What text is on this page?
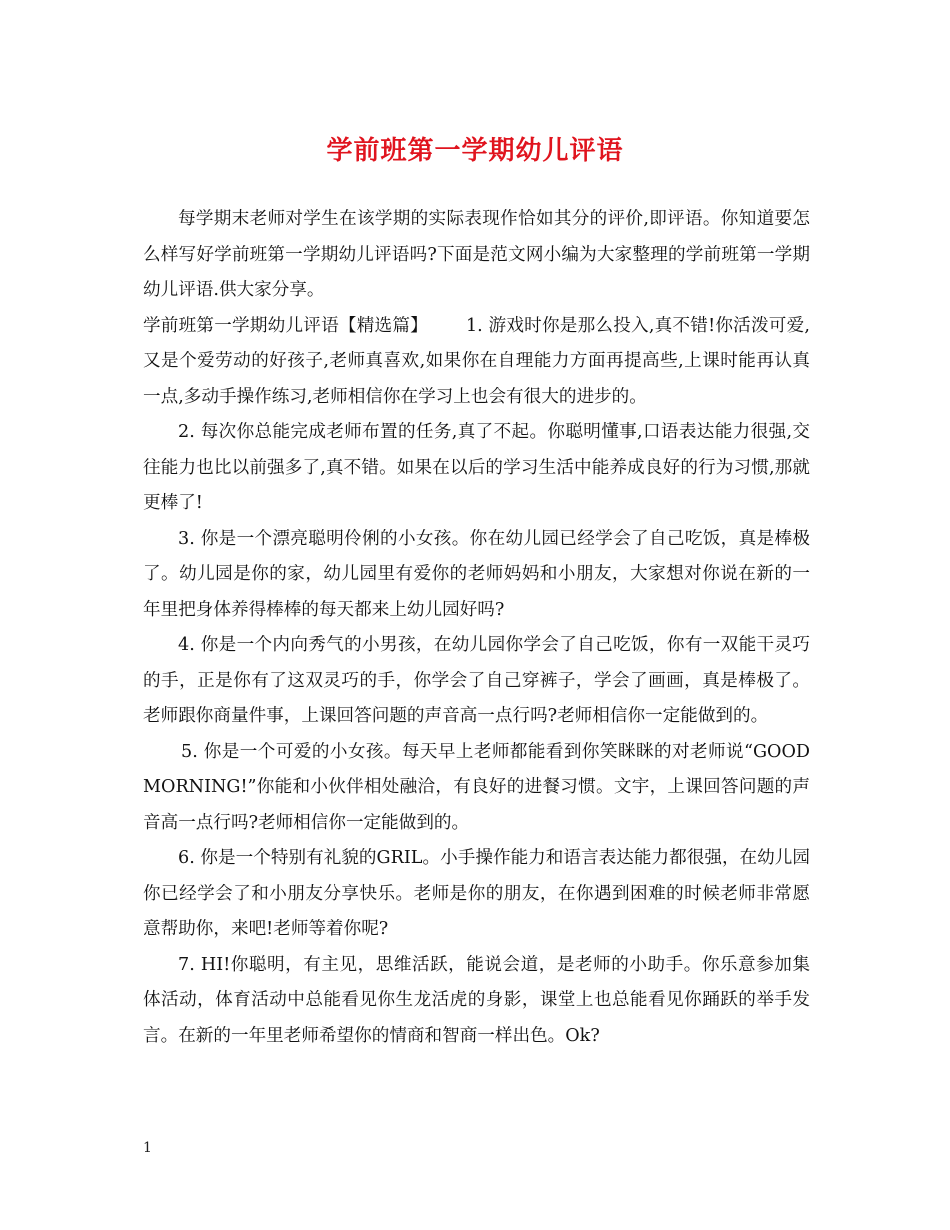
学前班第一学期幼儿评语

每学期末老师对学生在该学期的实际表现作恰如其分的评价,即评语。你知道要怎么样写好学前班第一学期幼儿评语吗?下面是范文网小编为大家整理的学前班第一学期幼儿评语.供大家分享。

学前班第一学期幼儿评语【精选篇】 1. 游戏时你是那么投入,真不错!你活泼可爱,又是个爱劳动的好孩子,老师真喜欢,如果你在自理能力方面再提高些,上课时能再认真一点,多动手操作练习,老师相信你在学习上也会有很大的进步的。

2. 每次你总能完成老师布置的任务,真了不起。你聪明懂事,口语表达能力很强,交往能力也比以前强多了,真不错。如果在以后的学习生活中能养成良好的行为习惯,那就更棒了!

3. 你是一个漂亮聪明伶俐的小女孩。你在幼儿园已经学会了自己吃饭，真是棒极了。幼儿园是你的家，幼儿园里有爱你的老师妈妈和小朋友，大家想对你说在新的一年里把身体养得棒棒的每天都来上幼儿园好吗?

4. 你是一个内向秀气的小男孩，在幼儿园你学会了自己吃饭，你有一双能干灵巧的手，正是你有了这双灵巧的手，你学会了自己穿裤子，学会了画画，真是棒极了。老师跟你商量件事，上课回答问题的声音高一点行吗?老师相信你一定能做到的。

5. 你是一个可爱的小女孩。每天早上老师都能看到你笑眯眯的对老师说“GOOD MORNING!”你能和小伙伴相处融洽，有良好的进餐习惯。文宇，上课回答问题的声音高一点行吗?老师相信你一定能做到的。

6. 你是一个特别有礼貌的GRIL。小手操作能力和语言表达能力都很强，在幼儿园你已经学会了和小朋友分享快乐。老师是你的朋友，在你遇到困难的时候老师非常愿意帮助你，来吧!老师等着你呢?

7. HI!你聪明，有主见，思维活跃，能说会道，是老师的小助手。你乐意参加集体活动，体育活动中总能看见你生龙活虎的身影，课堂上也总能看见你踊跃的举手发言。在新的一年里老师希望你的情商和智商一样出色。Ok?

1
